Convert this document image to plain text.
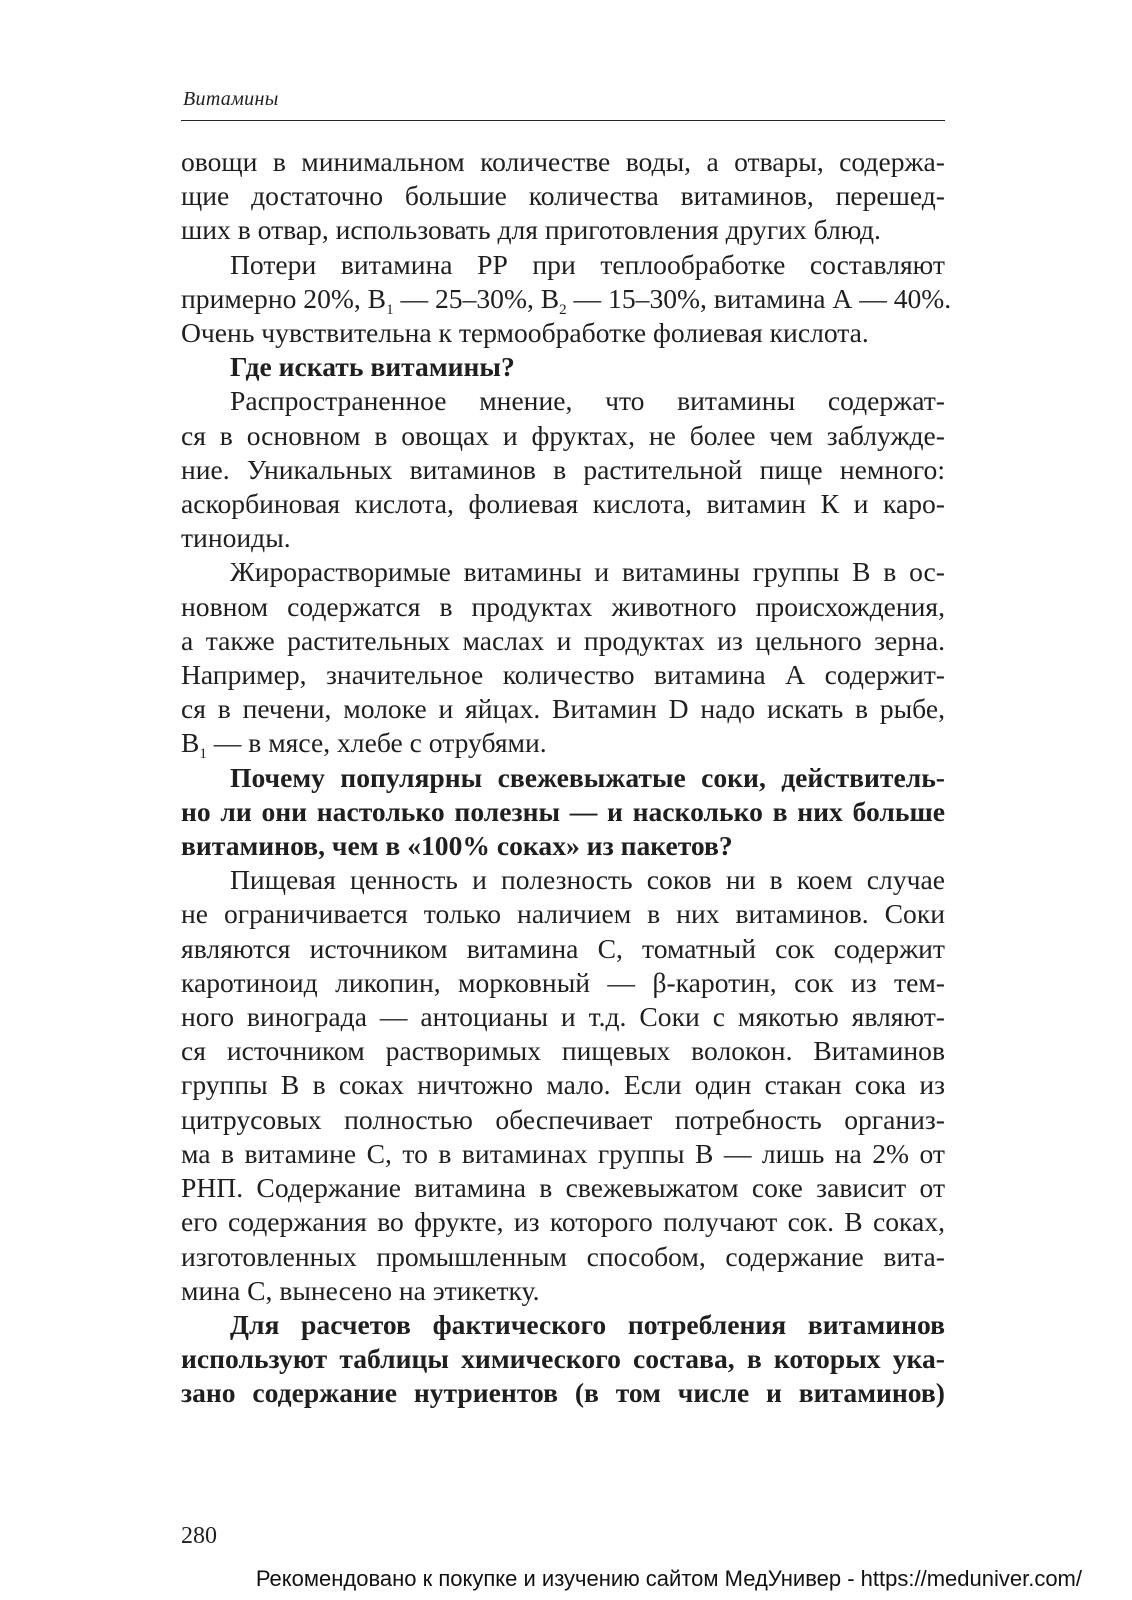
Витамины
овощи в минимальном количестве воды, а отвары, содержа-
щие достаточно большие количества витаминов, перешед-
ших в отвар, использовать для приготовления других блюд.
Потери витамина РР при теплообработке составляют
примерно 20%, $В_1$ — 25–30%, $В_2$ — 15–30%, витамина А — 40%.
Очень чувствительна к термообработке фолиевая кислота.
Где искать витамины?
Распространенное мнение, что витамины содержат-
ся в основном в овощах и фруктах, не более чем заблужде-
ние. Уникальных витаминов в растительной пище немного:
аскорбиновая кислота, фолиевая кислота, витамин К и каро-
тиноиды.
Жирорастворимые витамины и витамины группы В в ос-
новном содержатся в продуктах животного происхождения,
а также растительных маслах и продуктах из цельного зерна.
Например, значительное количество витамина А содержит-
ся в печени, молоке и яйцах. Витамин D надо искать в рыбе,
$В_1$ — в мясе, хлебе с отрубями.
Почему популярны свежевыжатые соки, действитель-
но ли они настолько полезны — и насколько в них больше
витаминов, чем в «100% соках» из пакетов?
Пищевая ценность и полезность соков ни в коем случае
не ограничивается только наличием в них витаминов. Соки
являются источником витамина С, томатный сок содержит
каротиноид ликопин, морковный — β-каротин, сок из тем-
ного винограда — антоцианы и т.д. Соки с мякотью являют-
ся источником растворимых пищевых волокон. Витаминов
группы В в соках ничтожно мало. Если один стакан сока из
цитрусовых полностью обеспечивает потребность организ-
ма в витамине С, то в витаминах группы В — лишь на 2% от
РНП. Содержание витамина в свежевыжатом соке зависит от
его содержания во фрукте, из которого получают сок. В соках,
изготовленных промышленным способом, содержание вита-
мина С, вынесено на этикетку.
Для расчетов фактического потребления витаминов
используют таблицы химического состава, в которых ука-
зано содержание нутриентов (в том числе и витаминов)
280
Рекомендовано к покупке и изучению сайтом МедУнивер - https://meduniver.com/
